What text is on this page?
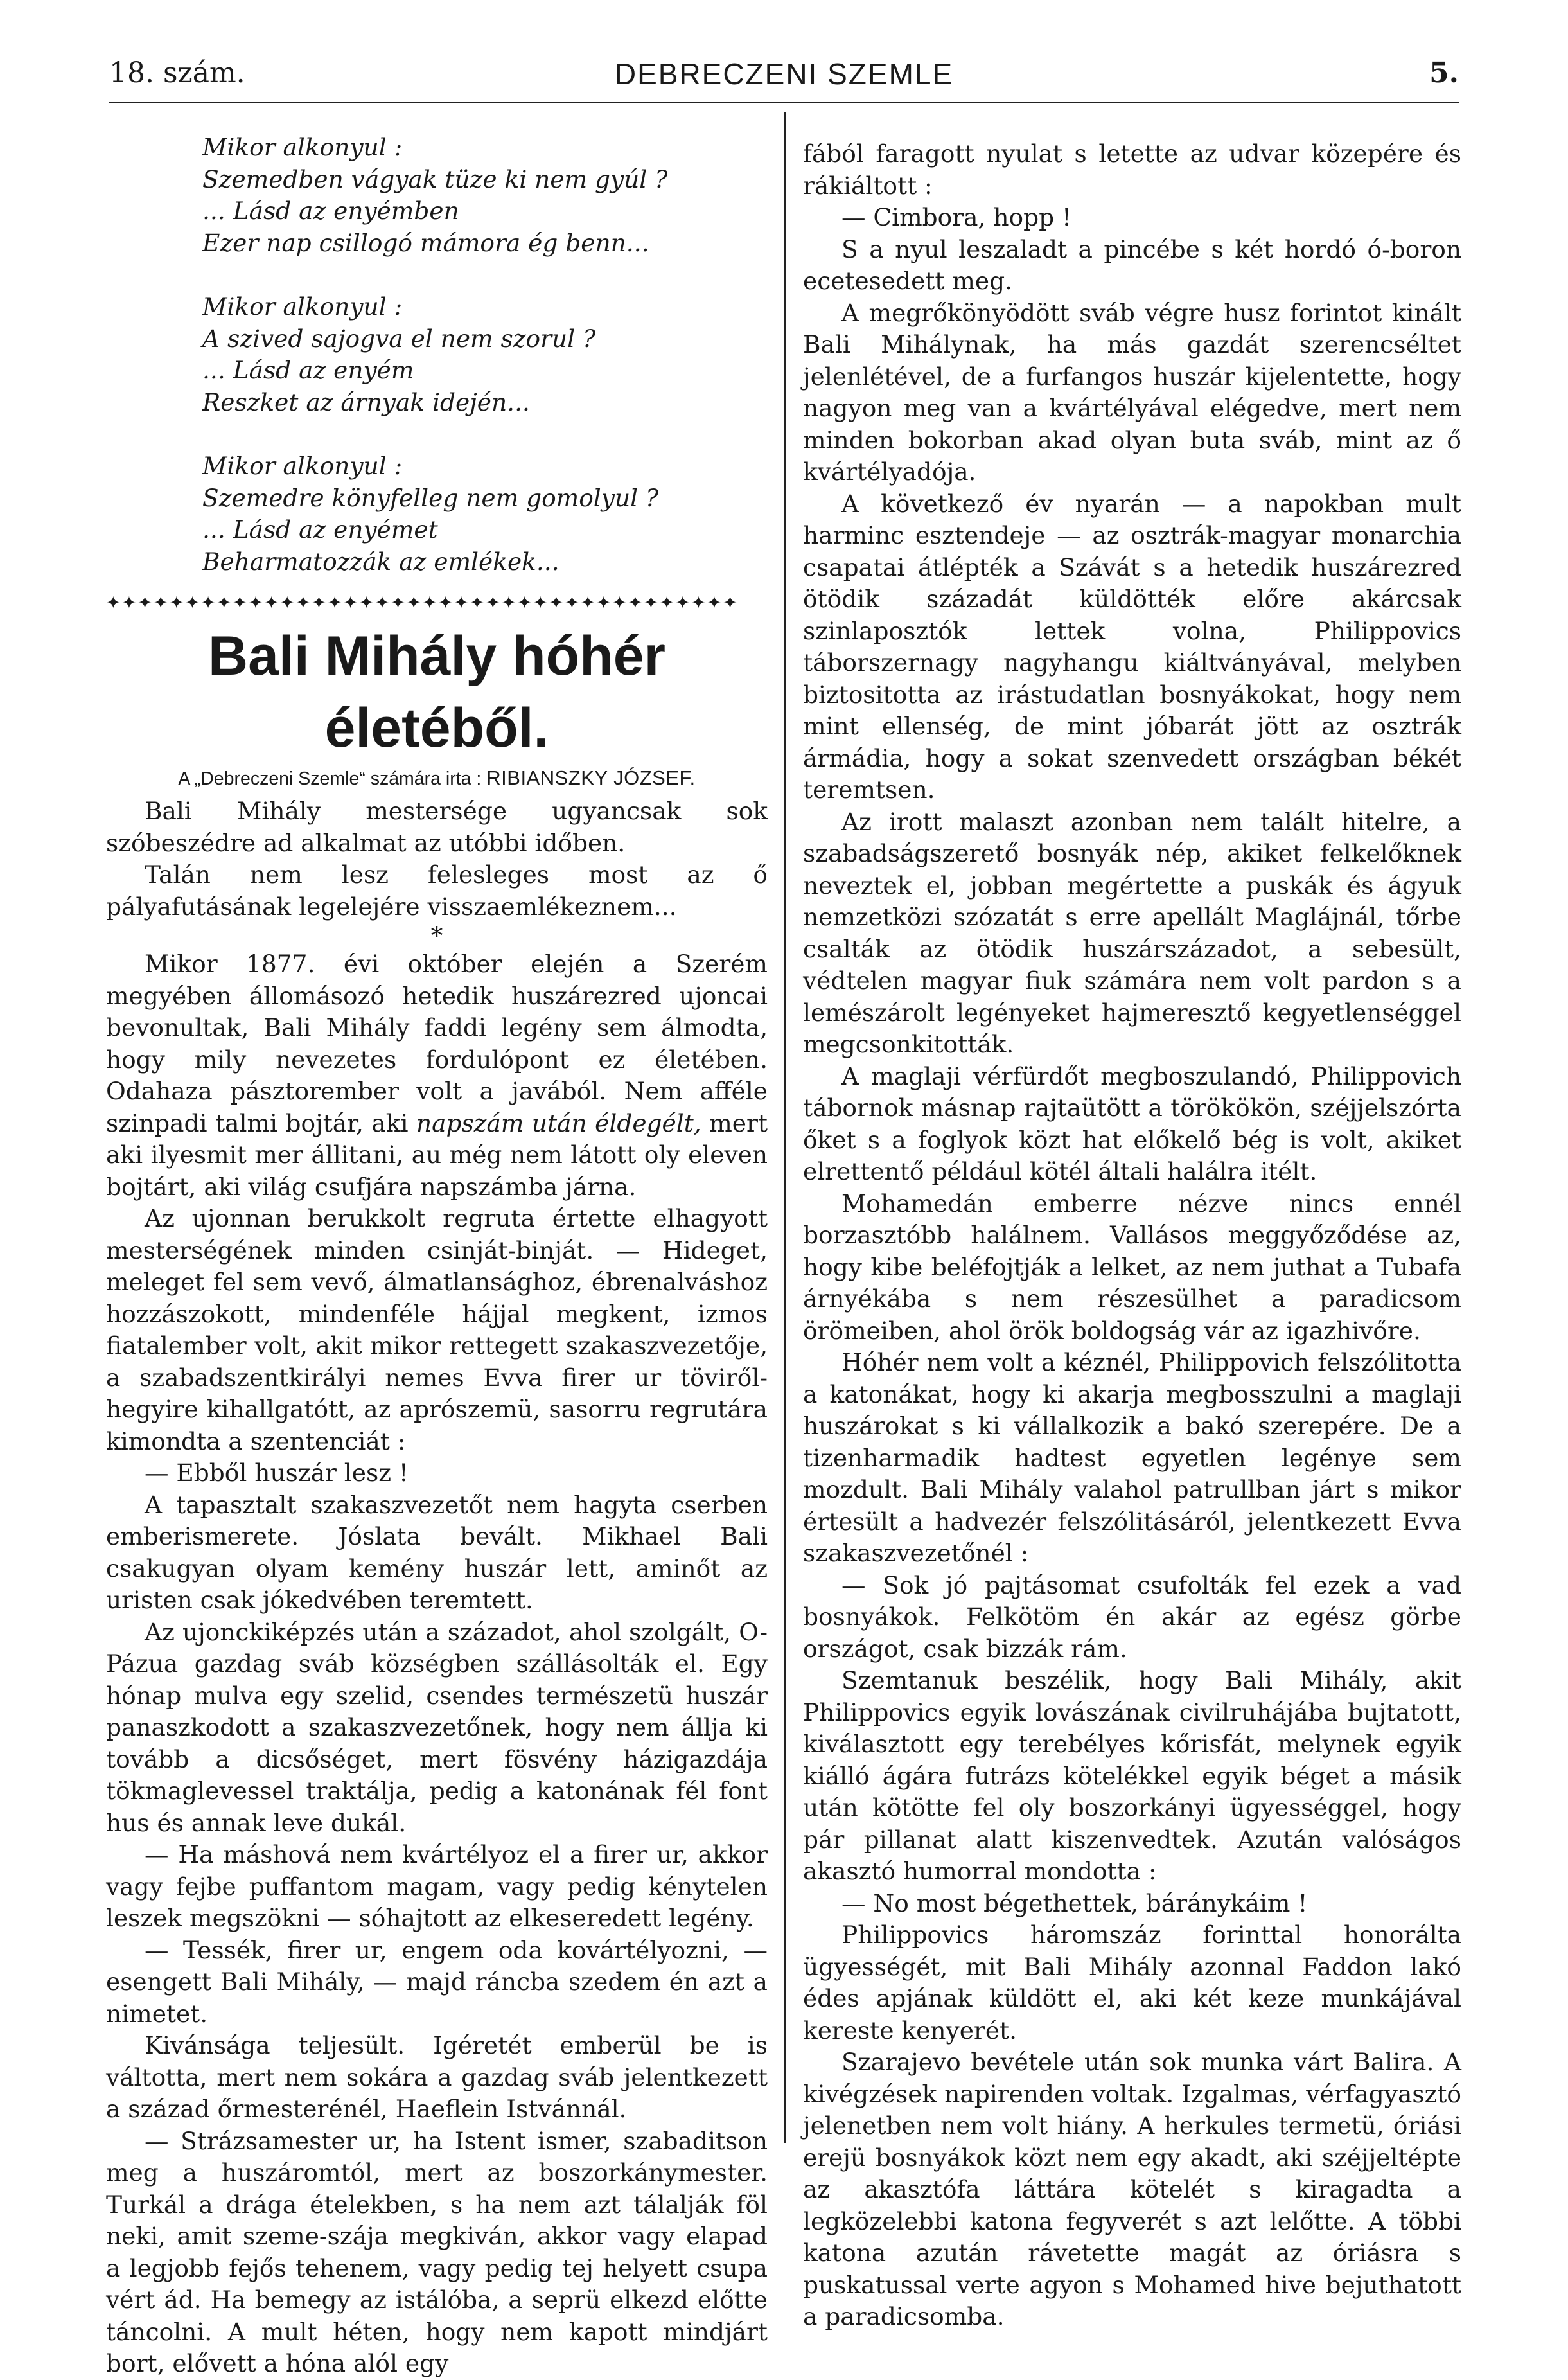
18. szám.	DEBRECZENI SZEMLE	5.
Mikor alkonyul :
Szemedben vágyak tüze ki nem gyúl ?
... Lásd az enyémben
Ezer nap csillogó mámora ég benn...
Mikor alkonyul :
A szived sajogva el nem szorul ?
... Lásd az enyém
Reszket az árnyak idején...
Mikor alkonyul :
Szemedre könyfelleg nem gomolyul ?
... Lásd az enyémet
Beharmatozzák az emlékek...
✦✦✦✦✦✦✦✦✦✦✦✦✦✦✦✦✦✦✦✦✦✦✦✦✦✦✦✦✦✦✦✦✦✦✦✦✦✦✦✦
Bali Mihály hóhér életéből.
A „Debreczeni Szemle“ számára irta : RIBIANSZKY JÓZSEF.

Bali Mihály mestersége ugyancsak sok szóbeszédre ad alkalmat az utóbbi időben.

Talán nem lesz felesleges most az ő pályafutásának legelejére visszaemlékeznem...

*

Mikor 1877. évi október elején a Szerém megyében állomásozó hetedik huszárezred ujoncai bevonultak, Bali Mihály faddi legény sem álmodta, hogy mily nevezetes fordulópont ez életében. Odahaza pásztorember volt a javából. Nem afféle szinpadi talmi bojtár, aki napszám után éldegélt, mert aki ilyesmit mer állitani, au még nem látott oly eleven bojtárt, aki világ csufjára napszámba járna.

Az ujonnan berukkolt regruta értette elhagyott mesterségének minden csinját-binját. — Hideget, meleget fel sem vevő, álmatlansághoz, ébrenalváshoz hozzászokott, mindenféle hájjal megkent, izmos fiatalember volt, akit mikor rettegett szakaszvezetője, a szabadszentkirályi nemes Evva firer ur töviről-hegyire kihallgatótt, az aprószemü, sasorru regrutára kimondta a szentenciát :

— Ebből huszár lesz !

A tapasztalt szakaszvezetőt nem hagyta cserben emberismerete. Jóslata bevált. Mikhael Bali csakugyan olyam kemény huszár lett, aminőt az uristen csak jókedvében teremtett.

Az ujonckiképzés után a századot, ahol szolgált, O-Pázua gazdag sváb községben szállásolták el. Egy hónap mulva egy szelid, csendes természetü huszár panaszkodott a szakaszvezetőnek, hogy nem állja ki tovább a dicsőséget, mert fösvény házigazdája tökmaglevessel traktálja, pedig a katonának fél font hus és annak leve dukál.

— Ha máshová nem kvártélyoz el a firer ur, akkor vagy fejbe puffantom magam, vagy pedig kénytelen leszek megszökni — sóhajtott az elkeseredett legény.

— Tessék, firer ur, engem oda kovártélyozni, — esengett Bali Mihály, — majd ráncba szedem én azt a nimetet.

Kivánsága teljesült. Igéretét emberül be is váltotta, mert nem sokára a gazdag sváb jelentkezett a század őrmesterénél, Haeflein Istvánnál.

— Strázsamester ur, ha Istent ismer, szabaditson meg a huszáromtól, mert az boszorkánymester. Turkál a drága ételekben, s ha nem azt tálalják föl neki, amit szeme-szája megkiván, akkor vagy elapad a legjobb fejős tehenem, vagy pedig tej helyett csupa vért ád. Ha bemegy az istálóba, a seprü elkezd előtte táncolni. A mult héten, hogy nem kapott mindjárt bort, elővett a hóna alól egy

fából faragott nyulat s letette az udvar közepére és rákiáltott :

— Cimbora, hopp !

S a nyul leszaladt a pincébe s két hordó ó-boron ecetesedett meg.

A megrőkönyödött sváb végre husz forintot kinált Bali Mihálynak, ha más gazdát szerencséltet jelenlétével, de a furfangos huszár kijelentette, hogy nagyon meg van a kvártélyával elégedve, mert nem minden bokorban akad olyan buta sváb, mint az ő kvártélyadója.

A következő év nyarán — a napokban mult harminc esztendeje — az osztrák-magyar monarchia csapatai átlépték a Szávát s a hetedik huszárezred ötödik századát küldötték előre akárcsak szinlaposztók lettek volna, Philippovics táborszernagy nagyhangu kiáltványával, melyben biztositotta az irástudatlan bosnyákokat, hogy nem mint ellenség, de mint jóbarát jött az osztrák ármádia, hogy a sokat szenvedett országban békét teremtsen.

Az irott malaszt azonban nem talált hitelre, a szabadságszerető bosnyák nép, akiket felkelőknek neveztek el, jobban megértette a puskák és ágyuk nemzetközi szózatát s erre apellált Maglájnál, tőrbe csalták az ötödik huszárszázadot, a sebesült, védtelen magyar fiuk számára nem volt pardon s a lemészárolt legényeket hajmeresztő kegyetlenséggel megcsonkitották.

A maglaji vérfürdőt megboszulandó, Philippovich tábornok másnap rajtaütött a törökökön, széjjelszórta őket s a foglyok közt hat előkelő bég is volt, akiket elrettentő például kötél általi halálra itélt.

Mohamedán emberre nézve nincs ennél borzasztóbb halálnem. Vallásos meggyőződése az, hogy kibe beléfojtják a lelket, az nem juthat a Tubafa árnyékába s nem részesülhet a paradicsom örömeiben, ahol örök boldogság vár az igazhivőre.

Hóhér nem volt a kéznél, Philippovich felszólitotta a katonákat, hogy ki akarja megbosszulni a maglaji huszárokat s ki vállalkozik a bakó szerepére. De a tizenharmadik hadtest egyetlen legénye sem mozdult. Bali Mihály valahol patrullban járt s mikor értesült a hadvezér felszólitásáról, jelentkezett Evva szakaszvezetőnél :

— Sok jó pajtásomat csufolták fel ezek a vad bosnyákok. Felkötöm én akár az egész görbe országot, csak bizzák rám.

Szemtanuk beszélik, hogy Bali Mihály, akit Philippovics egyik lovászának civilruhájába bujtatott, kiválasztott egy terebélyes kőrisfát, melynek egyik kiálló ágára futrázs kötelékkel egyik béget a másik után kötötte fel oly boszorkányi ügyességgel, hogy pár pillanat alatt kiszenvedtek. Azután valóságos akasztó humorral mondotta :

— No most bégethettek, báránykáim !

Philippovics háromszáz forinttal honorálta ügyességét, mit Bali Mihály azonnal Faddon lakó édes apjának küldött el, aki két keze munkájával kereste kenyerét.

Szarajevo bevétele után sok munka várt Balira. A kivégzések napirenden voltak. Izgalmas, vérfagyasztó jelenetben nem volt hiány. A herkules termetü, óriási erejü bosnyákok közt nem egy akadt, aki széjjeltépte az akasztófa láttára kötelét s kiragadta a legközelebbi katona fegyverét s azt lelőtte. A többi katona azután rávetette magát az óriásra s puskatussal verte agyon s Mohamed hive bejuthatott a paradicsomba.
